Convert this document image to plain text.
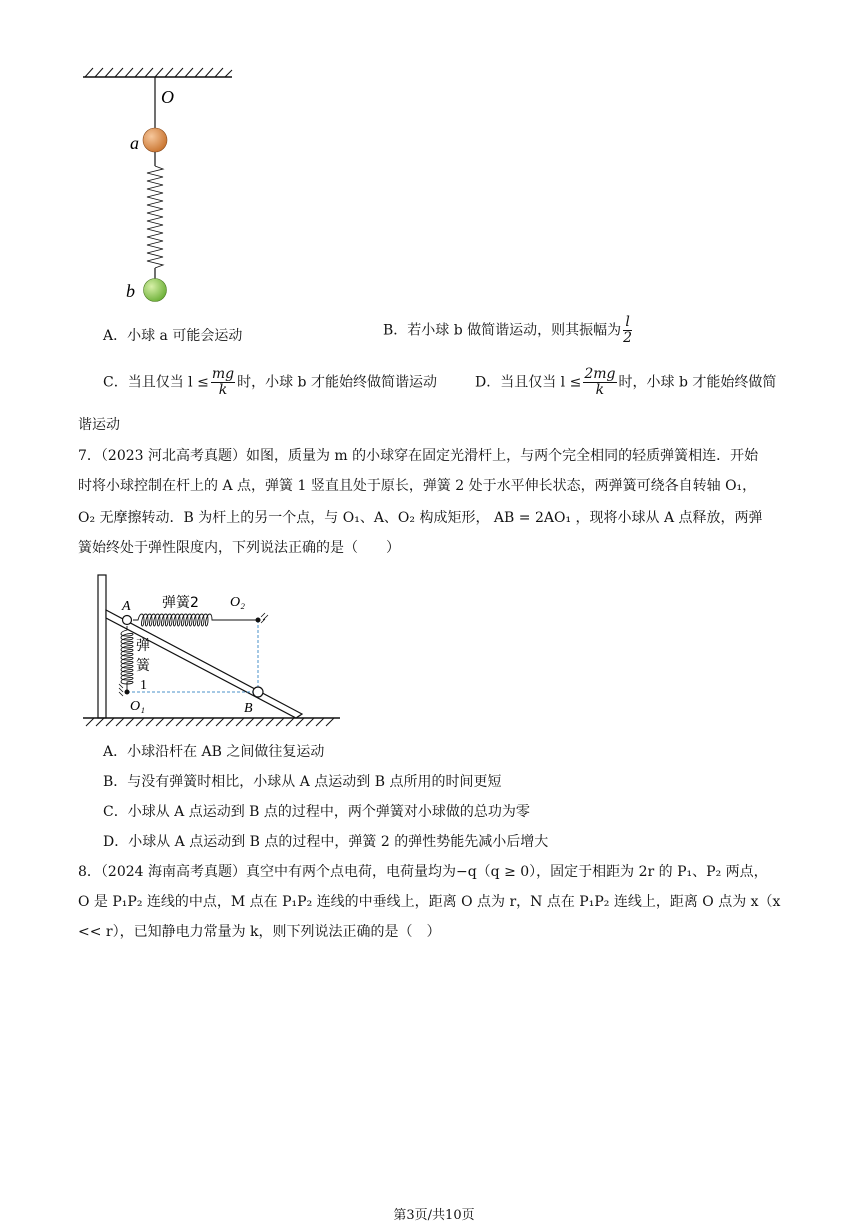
O
a
b
A．小球 a 可能会运动	B．若小球 b 做简谐运动，则其振幅为 $\frac{l}{2}$
C．当且仅当 $l \le \frac{mg}{k}$ 时，小球 b 才能始终做简谐运动	D．当且仅当 $l \le \frac{2mg}{k}$ 时，小球 b 才能始终做简
谐运动
7．（2023 河北高考真题）如图，质量为 m 的小球穿在固定光滑杆上，与两个完全相同的轻质弹簧相连．开始
时将小球控制在杆上的 A 点，弹簧 1 竖直且处于原长，弹簧 2 处于水平伸长状态，两弹簧可绕各自转轴 O₁，
O₂ 无摩擦转动．B 为杆上的另一个点，与 O₁、A、O₂ 构成矩形， AB = 2AO₁ ，现将小球从 A 点释放，两弹
簧始终处于弹性限度内，下列说法正确的是（　　）
A 弹簧2 O₂
弹
簧
1
O₁	B
A．小球沿杆在 AB 之间做往复运动
B．与没有弹簧时相比，小球从 A 点运动到 B 点所用的时间更短
C．小球从 A 点运动到 B 点的过程中，两个弹簧对小球做的总功为零
D．小球从 A 点运动到 B 点的过程中，弹簧 2 的弹性势能先减小后增大
8．（2024 海南高考真题）真空中有两个点电荷，电荷量均为−q（q ≥ 0），固定于相距为 2r 的 P₁、P₂ 两点，
O 是 P₁P₂ 连线的中点，M 点在 P₁P₂ 连线的中垂线上，距离 O 点为 r，N 点在 P₁P₂ 连线上，距离 O 点为 x（x
<< r），已知静电力常量为 k，则下列说法正确的是（　）
第3页/共10页
